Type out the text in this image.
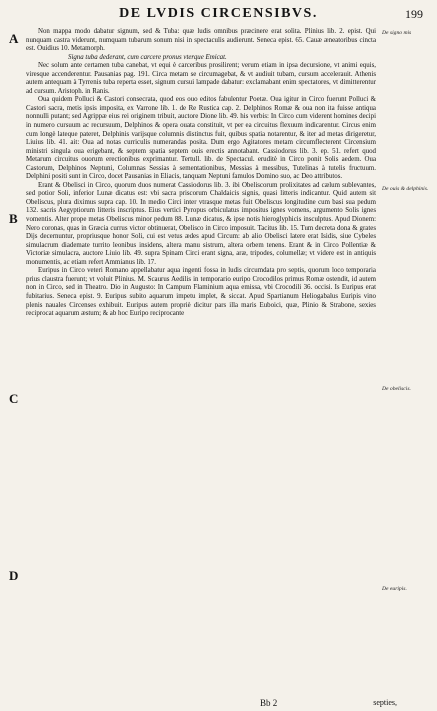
DE LVDIS CIRCENSIBVS.	199
A
B
C
D
De signo mis
De ouis & delphinis.
De obeliscis.
De euripis.

Non mappa modo dabatur signum, sed & Tuba: quæ ludis omnibus præcinere erat solita. Plinius lib. 2. epist. Qui nunquam castra viderunt, numquam tubarum sonum nisi in spectaculis audierunt. Seneca epist. 65. Cauæ æneatoribus cincta est. Ouidius 10. Metamorph.

Signa tuba dederant, cum carcere pronus vterque Emicat.

Nec solum ante certamen tuba canebat, vt equi è carceribus prosilirent; verum etiam in ipsa decursione, vt animi equis, viresque accenderentur. Pausanias pag. 191. Circa metam se circumagebat, & vt audiuit tubam, cursum accelerauit. Athenis autem antequam à Tyrrenis tuba reperta esset, signum cursui lampade dabatur: exclamabant enim spectatores, vt dimitterentur ad cursum. Aristoph. in Ranis.

Oua quidem Polluci & Castori consecrata, quod eos ouo editos fabulentur Poetæ. Oua igitur in Circo fuerunt Polluci & Castori sacra, metis ipsis imposita, ex Varrone lib. 1. de Re Rustica cap. 2. Delphinos Romæ & oua non ita fuisse antiqua nonnulli putant; sed Agrippæ eius rei originem tribuit, auctore Dione lib. 49. his verbis: In Circo cum viderent homines decipi in numero cursuum ac recursuum, Delphinos & opera ouata constituit, vt per ea circuitus flexuum indicarentur. Circus enim cum longè lateque pateret, Delphinis varijsque columnis distinctus fuit, quibus spatia notarentur, & iter ad metas dirigeretur, Liuius lib. 41. ait: Oua ad notas curriculis numerandas posita. Dum ergo Agitatores metam circumflecterent Circensium ministri singula oua erigebant, & septem spatia septem ouis erectis annotabant. Cassiodorus lib. 3. ep. 51. refert quod Metarum circuitus ouorum erectionibus exprimantur. Tertull. lib. de Spectacul. eruditè in Circo ponit Solis aedem. Oua Castorum, Delphinos Neptuni, Columnas Sessias à sementationibus, Messias à messibus, Tutelinas à tutelis fructuum. Delphini positi sunt in Circo, docet Pausanias in Eliacis, tanquam Neptuni famulos Domino suo, ac Deo attributos.

Erant & Obelisci in Circo, quorum duos numerat Cassiodorus lib. 3. ibi Obeliscorum prolixitates ad cælum sublevantes, sed potior Soli, inferior Lunæ dicatus est: vbi sacra priscorum Chaldaicis signis, quasi litteris indicantur. Quid autem sit Obeliscus, plura diximus supra cap. 10. In medio Circi inter vtrasque metas fuit Obeliscus longitudine cum basi sua pedum 132. sacris Aegyptiorum litteris inscriptus. Eius vertici Pyropus orbiculatus impositus ignes vomens, argumento Solis ignes vomentis. Alter prope metas Obeliscus minor pedum 88. Lunæ dicatus, & ipse notis hieroglyphicis insculptus. Apud Dionem: Nero coronas, quas in Græcia currus victor obtinuerat, Obelisco in Circo imposuit. Tacitus lib. 15. Tum decreta dona & grates Dijs decernuntur, propriusque honor Soli, cui est vetus ædes apud Circum: ab alio Obelisci latere erat Isidis, siue Cybeles simulacrum diademate turrito leonibus insidens, altera manu sistrum, altera orbem tenens. Erant & in Circo Pollentiæ & Victoriæ simulacra, auctore Liuio lib. 49. supra Spinam Circi erant signa, aræ, tripodes, columellæ; vt videre est in antiquis monumentis, ac etiam refert Ammianus lib. 17.

Euripus in Circo veteri Romano appellabatur aqua ingenti fossa in ludis circumdata pro septis, quorum loco temporaria prius claustra fuerunt; vt voluit Plinius. M. Scaurus Aedilis in temporario euripo Crocodilos primus Romæ ostendit, id autem non in Circo, sed in Theatro. Dio in Augusto: In Campum Flaminium aqua emissa, vbi Crocodili 36. occisi. Is Euripus erat fubitarius. Seneca epist. 9. Euripus subito aquarum impetu implet, & siccat. Apud Spartianum Heliogabalus Euripis vino plenis nauales Circenses exhibuit. Euripus autem propriè dicitur pars illa maris Euboici, quæ, Plinio & Strabone, sexies reciprocat aquarum æstum; & ab hoc Euripo reciprocante

Bb 2	septies,
